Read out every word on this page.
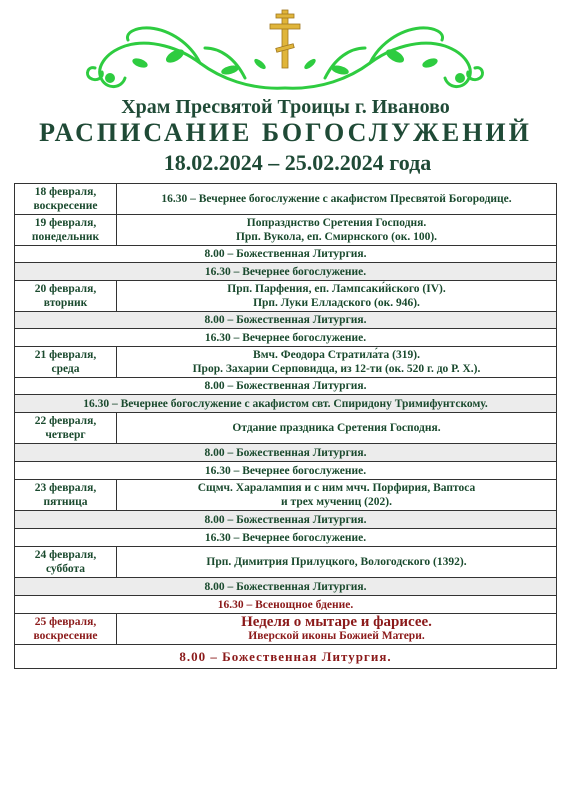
Храм Пресвятой Троицы г. Иваново
РАСПИСАНИЕ БОГОСЛУЖЕНИЙ
18.02.2024 – 25.02.2024 года
18 февраля,
воскресение	16.30 – Вечернее богослужение с акафистом Пресвятой Богородице.

19 февраля,
понедельник	Попразднство Сретения Господня.
Прп. Вукола, еп. Смирнского (ок. 100).

8.00 – Божественная Литургия.	

16.30 – Вечернее богослужение.	

20 февраля,
вторник	Прп. Парфения, еп. Лампсаки́йского (IV).
Прп. Луки Елладского (ок. 946).

8.00 – Божественная Литургия.	

16.30 – Вечернее богослужение.	

21 февраля,
среда	Вмч. Феодора Стратила́та (319).
Прор. Захарии Серповидца, из 12-ти (ок. 520 г. до Р. Х.).

8.00 – Божественная Литургия.	

16.30 – Вечернее богослужение с акафистом свт. Спиридону Тримифунтскому.	

22 февраля,
четверг	Отдание праздника Сретения Господня.

8.00 – Божественная Литургия.	

16.30 – Вечернее богослужение.	

23 февраля,
пятница	Сщмч. Харалампия и с ним мчч. Порфирия, Ваптоса
и трех мучениц (202).

8.00 – Божественная Литургия.	

16.30 – Вечернее богослужение.	

24 февраля,
суббота	Прп. Димитрия Прилуцкого, Вологодского (1392).

8.00 – Божественная Литургия.	

16.30 – Всенощное бдение.	

25 февраля,
воскресение	Неделя о мытаре и фарисее.
Иверской иконы Божией Матери.

8.00 – Божественная Литургия.	
